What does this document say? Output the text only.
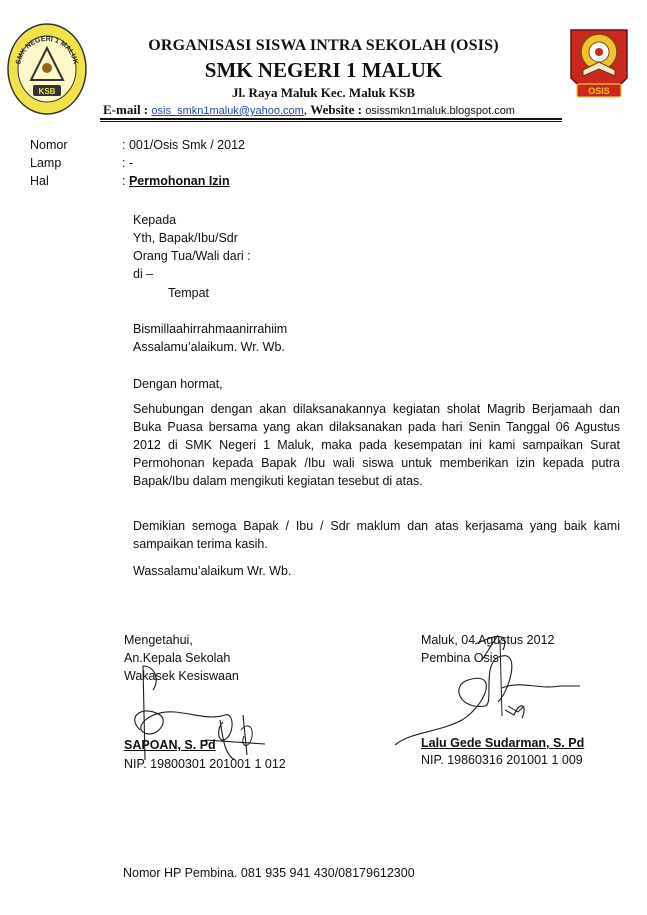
SMK NEGERI 1 MALUK
KSB	OSIS
ORGANISASI SISWA INTRA SEKOLAH (OSIS)
SMK NEGERI 1 MALUK
Jl. Raya Maluk Kec. Maluk KSB
E-mail : osis_smkn1maluk@yahoo.com, Website : osissmkn1maluk.blogspot.com
Nomor	: 001/Osis Smk / 2012
Lamp	: -
Hal	: Permohonan Izin
Kepada
Yth, Bapak/Ibu/Sdr
Orang Tua/Wali dari :
di –
Tempat
Bismillaahirrahmaanirrahiim
Assalamu’alaikum. Wr. Wb.
Dengan hormat,
Sehubungan dengan akan dilaksanakannya kegiatan sholat Magrib Berjamaah dan Buka Puasa bersama yang akan dilaksanakan pada hari Senin Tanggal 06 Agustus 2012 di SMK Negeri 1 Maluk, maka pada kesempatan ini kami sampaikan Surat Permohonan kepada Bapak /Ibu wali siswa untuk memberikan izin kepada putra Bapak/Ibu dalam mengikuti kegiatan tesebut di atas.
Demikian semoga Bapak / Ibu / Sdr maklum dan atas kerjasama yang baik kami sampaikan terima kasih.
Wassalamu’alaikum Wr. Wb.
Mengetahui,
An.Kepala Sekolah
Wakasek Kesiswaan
SAPOAN, S. Pd
NIP. 19800301 201001 1 012
Maluk, 04 Agustus 2012
Pembina Osis
Lalu Gede Sudarman, S. Pd
NIP. 19860316 201001 1 009
Nomor HP Pembina. 081 935 941 430/08179612300
